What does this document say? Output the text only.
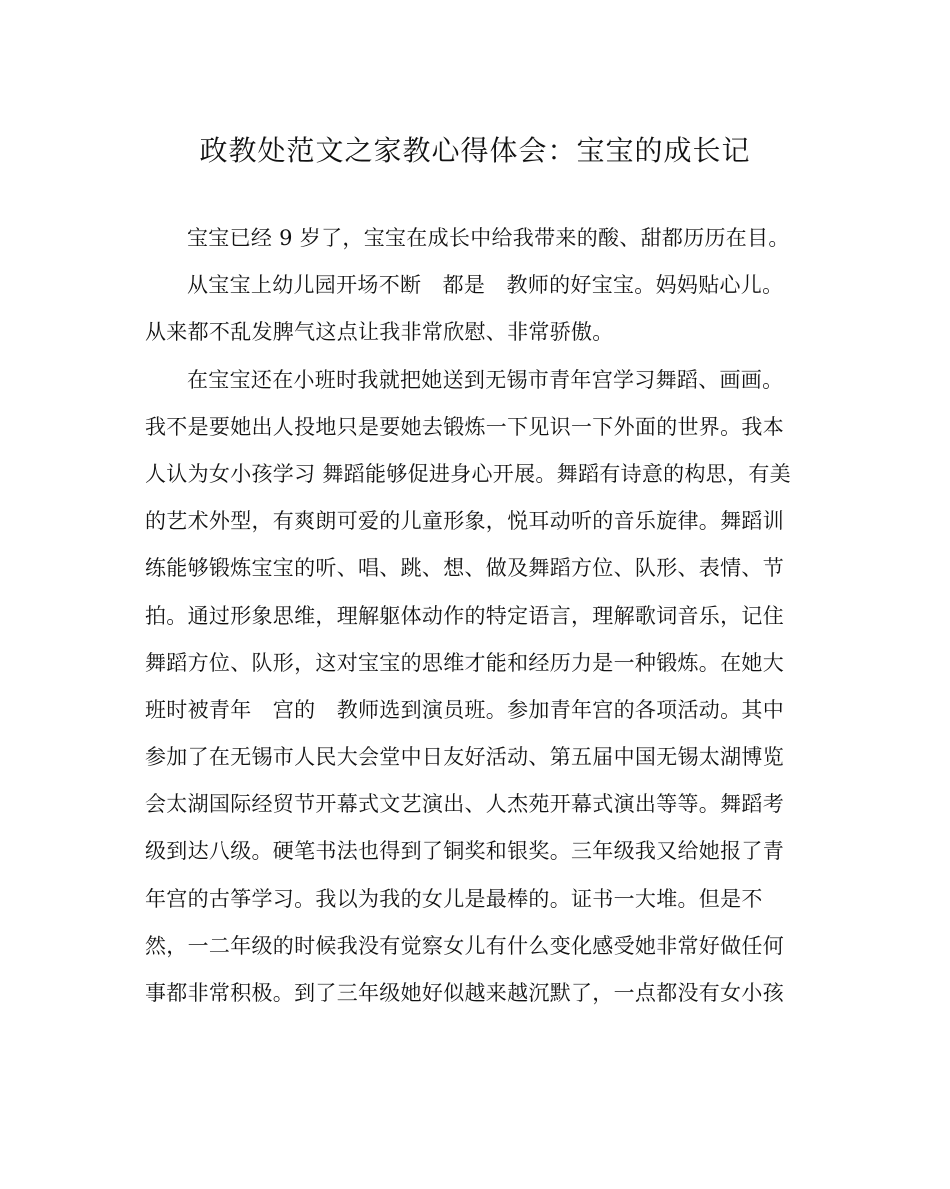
政教处范文之家教心得体会：宝宝的成长记
宝宝已经 9 岁了，宝宝在成长中给我带来的酸、甜都历历在目。
从宝宝上幼儿园开场不断　都是　教师的好宝宝。妈妈贴心儿。
从来都不乱发脾气这点让我非常欣慰、非常骄傲。
在宝宝还在小班时我就把她送到无锡市青年宫学习舞蹈、画画。
我不是要她出人投地只是要她去锻炼一下见识一下外面的世界。我本
人认为女小孩学习 舞蹈能够促进身心开展。舞蹈有诗意的构思，有美
的艺术外型，有爽朗可爱的儿童形象，悦耳动听的音乐旋律。舞蹈训
练能够锻炼宝宝的听、唱、跳、想、做及舞蹈方位、队形、表情、节
拍。通过形象思维，理解躯体动作的特定语言，理解歌词音乐，记住
舞蹈方位、队形，这对宝宝的思维才能和经历力是一种锻炼。在她大
班时被青年　宫的　教师选到演员班。参加青年宫的各项活动。其中
参加了在无锡市人民大会堂中日友好活动、第五届中国无锡太湖博览
会太湖国际经贸节开幕式文艺演出、人杰苑开幕式演出等等。舞蹈考
级到达八级。硬笔书法也得到了铜奖和银奖。三年级我又给她报了青
年宫的古筝学习。我以为我的女儿是最棒的。证书一大堆。但是不
然，一二年级的时候我没有觉察女儿有什么变化感受她非常好做任何
事都非常积极。到了三年级她好似越来越沉默了，一点都没有女小孩
